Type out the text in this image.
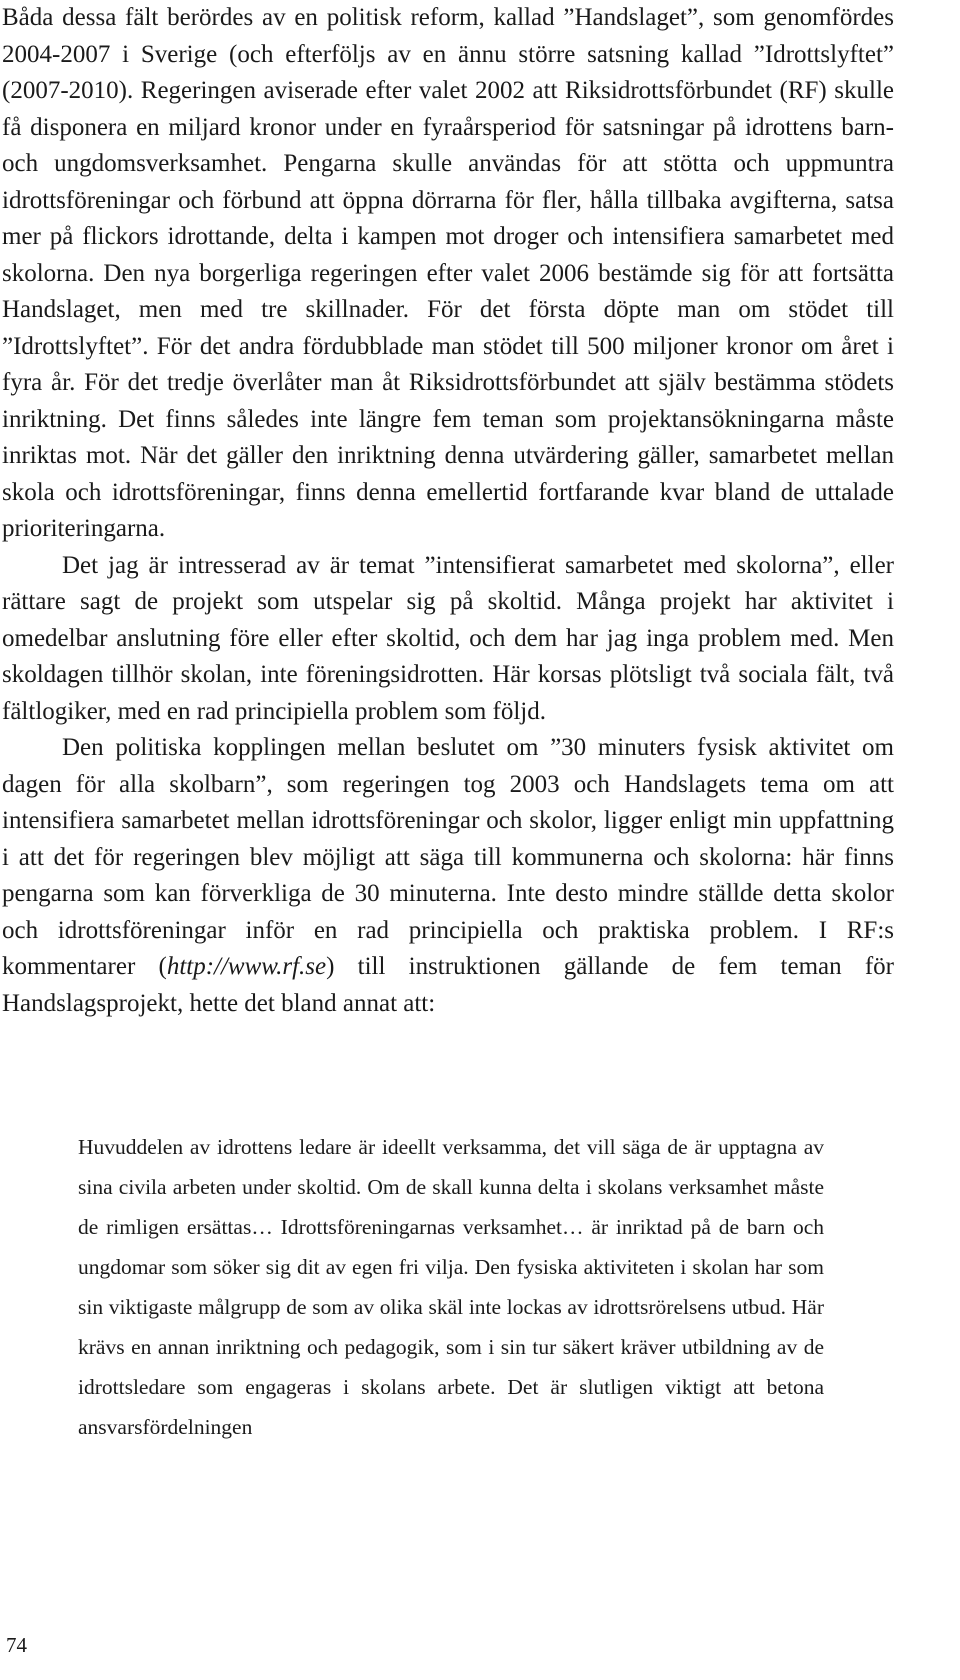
Båda dessa fält berördes av en politisk reform, kallad ”Handslaget”, som genomfördes 2004-2007 i Sverige (och efterföljs av en ännu större satsning kallad ”Idrottslyftet” (2007-2010). Regeringen aviserade efter valet 2002 att Riksidrottsförbundet (RF) skulle få disponera en miljard kronor under en fyraårsperiod för satsningar på idrottens barn- och ungdomsverksamhet. Pengarna skulle användas för att stötta och uppmuntra idrottsföreningar och förbund att öppna dörrarna för fler, hålla tillbaka avgifterna, satsa mer på flickors idrottande, delta i kampen mot droger och intensifiera samarbetet med skolorna. Den nya borgerliga regeringen efter valet 2006 bestämde sig för att fortsätta Handslaget, men med tre skillnader. För det första döpte man om stödet till ”Idrottslyftet”. För det andra fördubblade man stödet till 500 miljoner kronor om året i fyra år. För det tredje överlåter man åt Riksidrottsförbundet att själv bestämma stödets inriktning. Det finns således inte längre fem teman som projektansökningarna måste inriktas mot. När det gäller den inriktning denna utvärdering gäller, samarbetet mellan skola och idrottsföreningar, finns denna emellertid fortfarande kvar bland de uttalade prioriteringarna.

Det jag är intresserad av är temat ”intensifierat samarbetet med skolorna”, eller rättare sagt de projekt som utspelar sig på skoltid. Många projekt har aktivitet i omedelbar anslutning före eller efter skoltid, och dem har jag inga problem med. Men skoldagen tillhör skolan, inte föreningsidrotten. Här korsas plötsligt två sociala fält, två fältlogiker, med en rad principiella problem som följd.

Den politiska kopplingen mellan beslutet om ”30 minuters fysisk aktivitet om dagen för alla skolbarn”, som regeringen tog 2003 och Handslagets tema om att intensifiera samarbetet mellan idrottsföreningar och skolor, ligger enligt min uppfattning i att det för regeringen blev möjligt att säga till kommunerna och skolorna: här finns pengarna som kan förverkliga de 30 minuterna. Inte desto mindre ställde detta skolor och idrottsföreningar inför en rad principiella och praktiska problem. I RF:s kommentarer (http://www.rf.se) till instruktionen gällande de fem teman för Handslagsprojekt, hette det bland annat att:

Huvuddelen av idrottens ledare är ideellt verksamma, det vill säga de är upptagna av sina civila arbeten under skoltid. Om de skall kunna delta i skolans verksamhet måste de rimligen ersättas… Idrottsföreningarnas verksamhet… är inriktad på de barn och ungdomar som söker sig dit av egen fri vilja. Den fysiska aktiviteten i skolan har som sin viktigaste målgrupp de som av olika skäl inte lockas av idrottsrörelsens utbud. Här krävs en annan inriktning och pedagogik, som i sin tur säkert kräver utbildning av de idrottsledare som engageras i skolans arbete. Det är slutligen viktigt att betona ansvarsfördelningen

74
